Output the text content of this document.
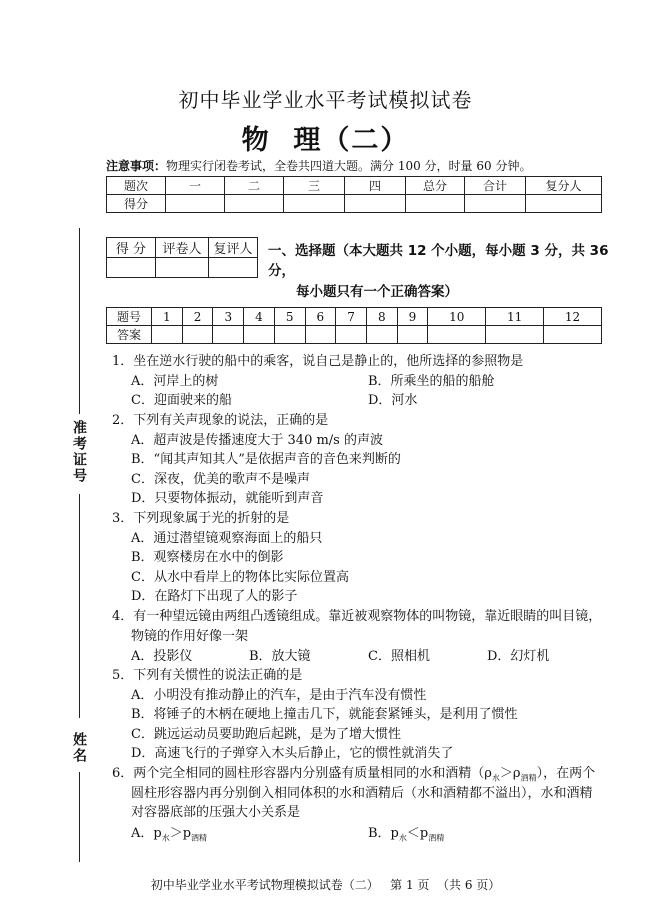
初中毕业学业水平考试模拟试卷
物  理（二）
注意事项：物理实行闭卷考试，全卷共四道大题。满分 100 分，时量 60 分钟。
题次	一	二	三	四	总分	合计	复分人
得分							
准考证号
姓名
得 分	评卷人	复评人
		一、选择题（本大题共 12 个小题，每小题 3 分，共 36
分，
每小题只有一个正确答案）
题号	1	2	3	4	5	6	7	8	9	10	11	12
答案												
1．坐在逆水行驶的船中的乘客，说自己是静止的，他所选择的参照物是
A．河岸上的树	B．所乘坐的船的船舱
C．迎面驶来的船	D．河水
2．下列有关声现象的说法，正确的是
A．超声波是传播速度大于 340 m/s 的声波
B．“闻其声知其人”是依据声音的音色来判断的
C．深夜，优美的歌声不是噪声
D．只要物体振动，就能听到声音
3．下列现象属于光的折射的是
A．通过潜望镜观察海面上的船只
B．观察楼房在水中的倒影
C．从水中看岸上的物体比实际位置高
D．在路灯下出现了人的影子
4．有一种望远镜由两组凸透镜组成。靠近被观察物体的叫物镜，靠近眼睛的叫目镜，
物镜的作用好像一架
A．投影仪	B．放大镜	C．照相机	D．幻灯机
5．下列有关惯性的说法正确的是
A．小明没有推动静止的汽车，是由于汽车没有惯性
B．将锤子的木柄在硬地上撞击几下，就能套紧锤头，是利用了惯性
C．跳远运动员要助跑后起跳，是为了增大惯性
D．高速飞行的子弹穿入木头后静止，它的惯性就消失了
6．两个完全相同的圆柱形容器内分别盛有质量相同的水和酒精$(\rho_水>\rho_{酒精})$，在两个
圆柱形容器内再分别倒入相同体积的水和酒精后（水和酒精都不溢出），水和酒精
对容器底部的压强大小关系是
A．$p_水>p_{酒精}$	B．$p_水<p_{酒精}$
初中毕业学业水平考试物理模拟试卷（二）   第 1 页  （共 6 页）
